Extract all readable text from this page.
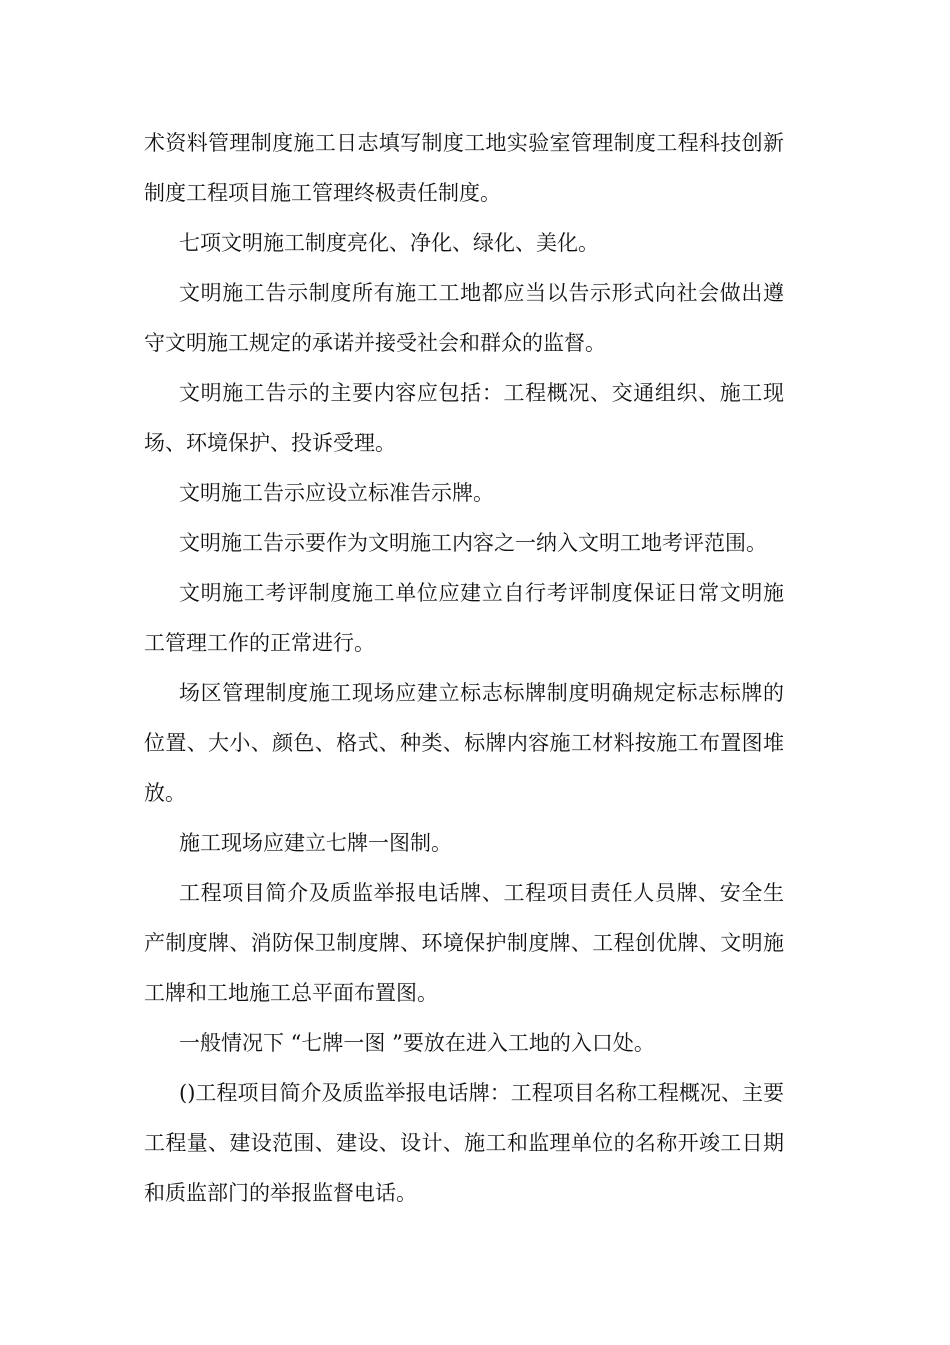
术资料管理制度施工日志填写制度工地实验室管理制度工程科技创新制度工程项目施工管理终极责任制度。

七项文明施工制度亮化、净化、绿化、美化。

文明施工告示制度所有施工工地都应当以告示形式向社会做出遵守文明施工规定的承诺并接受社会和群众的监督。

文明施工告示的主要内容应包括：工程概况、交通组织、施工现场、环境保护、投诉受理。

文明施工告示应设立标准告示牌。

文明施工告示要作为文明施工内容之一纳入文明工地考评范围。

文明施工考评制度施工单位应建立自行考评制度保证日常文明施工管理工作的正常进行。

场区管理制度施工现场应建立标志标牌制度明确规定标志标牌的位置、大小、颜色、格式、种类、标牌内容施工材料按施工布置图堆放。

施工现场应建立七牌一图制。

工程项目简介及质监举报电话牌、工程项目责任人员牌、安全生产制度牌、消防保卫制度牌、环境保护制度牌、工程创优牌、文明施工牌和工地施工总平面布置图。

一般情况下 “七牌一图 ”要放在进入工地的入口处。

()工程项目简介及质监举报电话牌：工程项目名称工程概况、主要工程量、建设范围、建设、设计、施工和监理单位的名称开竣工日期和质监部门的举报监督电话。
